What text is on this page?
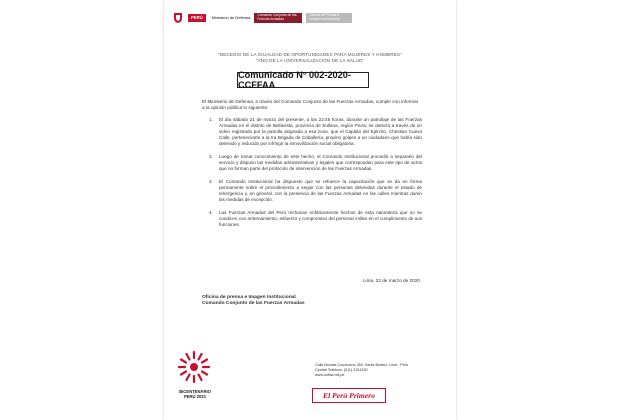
PERÚ	Ministerio de Defensa	Comando Conjunto de las Fuerzas Armadas
Oficina de Prensa e Imagen Institucional
"DECENIO DE LA IGUALDAD DE OPORTUNIDADES PARA MUJERES Y HOMBRES"
"AÑO DE LA UNIVERSALIZACIÓN DE LA SALUD"
Comunicado N° 002-2020-CCFFAA
El Ministerio de Defensa, a través del Comando Conjunto de las Fuerzas Armadas, cumple con informar a la opinión pública lo siguiente:
1. El día sábado 21 de marzo del presente, a las 22:45 horas, durante un patrullaje de las Fuerzas Armadas en el distrito de Bellavista, provincia de Sullana, región Piura; se detectó a través de un video registrado por la patrulla asignada a esa zona, que el Capitán del Ejército, Christian Cueva Calle, perteneciente a la Ira Brigada de Caballería, propinó golpes a un ciudadano que había sido detenido y reducido por infringir la inmovilización social obligatoria.
2. Luego de tomar conocimiento de este hecho, el Comando Institucional procedió a separarlo del servicio y dispuso las medidas administrativas y legales que correspondan para este tipo de actos que no forman parte del protocolo de intervención de las Fuerzas Armadas.
3. El Comando Institucional ha dispuesto que se refuerce la capacitación que se da en forma permanente sobre el procedimiento a seguir con las personas detenidas durante el estado de emergencia y, en general, con la presencia de las Fuerzas Armadas en las calles mientras duren las medidas de excepción.
4. Las Fuerzas Armadas del Perú rechazan enfáticamente hechos de esta naturaleza que no se condicen con entrenamiento, esfuerzo y compromiso del personal militar en el cumplimiento de sus funciones.
Lima, 22 de marzo de 2020
Oficina de prensa e Imagen Institucional
Comando Conjunto de las Fuerzas Armadas
BICENTENARIO
PERÚ 2021
Calle Nicolás Corpancho 289, Santa Beatriz. Lima · Perú
Central Teléfono: (511) 2151330
www.ccffaa.mil.pe
El Perú Primero
